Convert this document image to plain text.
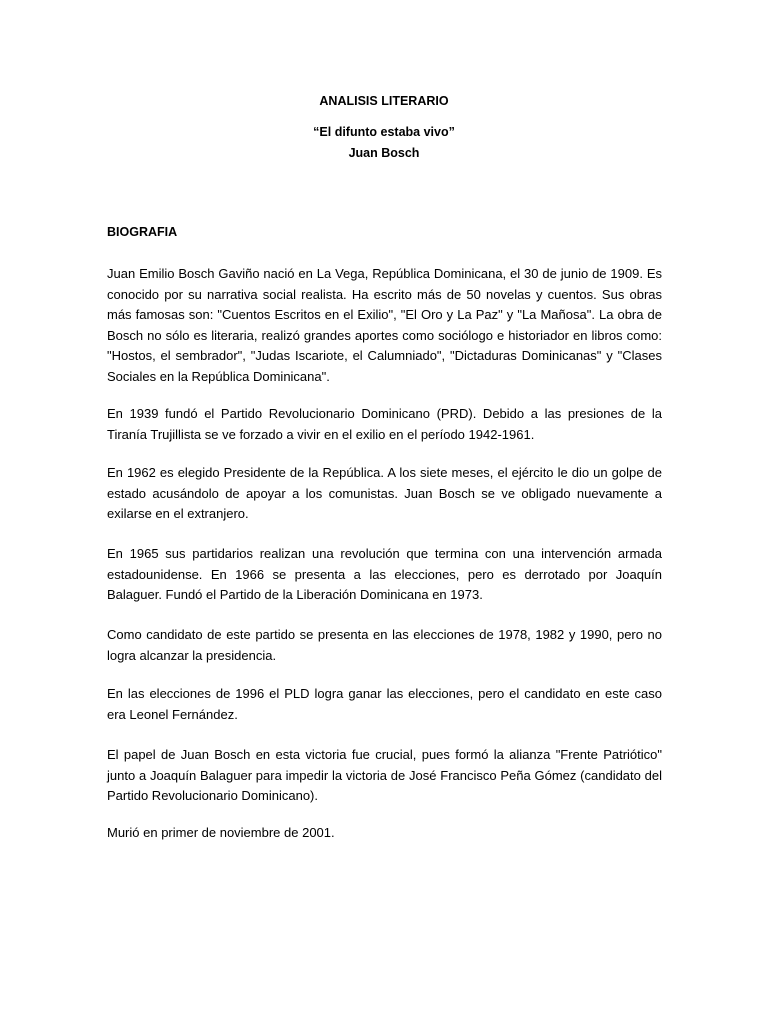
ANALISIS LITERARIO
“El difunto estaba vivo”
Juan Bosch
BIOGRAFIA

Juan Emilio Bosch Gaviño nació en La Vega, República Dominicana, el 30 de junio de 1909. Es conocido por su narrativa social realista. Ha escrito más de 50 novelas y cuentos. Sus obras más famosas son: "Cuentos Escritos en el Exilio", "El Oro y La Paz" y "La Mañosa". La obra de Bosch no sólo es literaria, realizó grandes aportes como sociólogo e historiador en libros como: "Hostos, el sembrador", "Judas Iscariote, el Calumniado", "Dictaduras Dominicanas" y "Clases Sociales en la República Dominicana".

En 1939 fundó el Partido Revolucionario Dominicano (PRD). Debido a las presiones de la Tiranía Trujillista se ve forzado a vivir en el exilio en el período 1942-1961.

En 1962 es elegido Presidente de la República. A los siete meses, el ejército le dio un golpe de estado acusándolo de apoyar a los comunistas. Juan Bosch se ve obligado nuevamente a exilarse en el extranjero.

En 1965 sus partidarios realizan una revolución que termina con una intervención armada estadounidense. En 1966 se presenta a las elecciones, pero es derrotado por Joaquín Balaguer. Fundó el Partido de la Liberación Dominicana en 1973.

Como candidato de este partido se presenta en las elecciones de 1978, 1982 y 1990, pero no logra alcanzar la presidencia.

En las elecciones de 1996 el PLD logra ganar las elecciones, pero el candidato en este caso era Leonel Fernández.

El papel de Juan Bosch en esta victoria fue crucial, pues formó la alianza "Frente Patriótico" junto a Joaquín Balaguer para impedir la victoria de José Francisco Peña Gómez (candidato del Partido Revolucionario Dominicano).

Murió en primer de noviembre de 2001.
